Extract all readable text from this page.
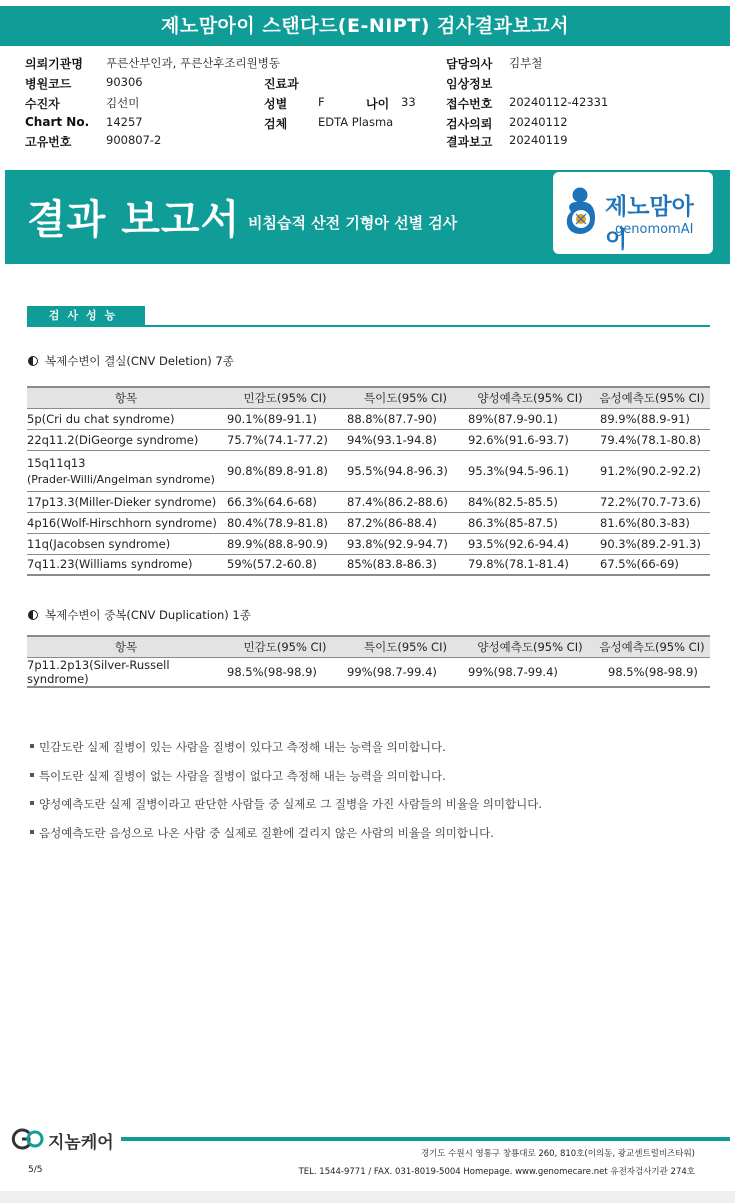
제노맘아이 스탠다드(E-NIPT) 검사결과보고서
의뢰기관명 푸른산부인과, 푸른산후조리원병동	담당의사 김부철
병원코드	90306	진료과	임상정보
수진자	김선미	성별	F	나이 33	접수번호 20240112-42331
Chart No. 14257	검체	EDTA Plasma	검사의뢰 20240112
고유번호	900807-2	결과보고 20240119
결과 보고서 비침습적 산전 기형아 선별 검사
제노맘아이
genomomAI
검사성능
복제수변이 결실(CNV Deletion) 7종
항목	민감도(95% CI)	특이도(95% CI)	양성예측도(95% CI)	음성예측도(95% CI)
5p(Cri du chat syndrome)	90.1%(89-91.1)	88.8%(87.7-90)	89%(87.9-90.1)	89.9%(88.9-91)
22q11.2(DiGeorge syndrome)	75.7%(74.1-77.2)	94%(93.1-94.8)	92.6%(91.6-93.7)	79.4%(78.1-80.8)

15q11q13
(Prader-Willi/Angelman syndrome)	90.8%(89.8-91.8)	95.5%(94.8-96.3)	95.3%(94.5-96.1)	91.2%(90.2-92.2)
17p13.3(Miller-Dieker syndrome)	66.3%(64.6-68)	87.4%(86.2-88.6)	84%(82.5-85.5)	72.2%(70.7-73.6)
4p16(Wolf-Hirschhorn syndrome)	80.4%(78.9-81.8)	87.2%(86-88.4)	86.3%(85-87.5)	81.6%(80.3-83)
11q(Jacobsen syndrome)	89.9%(88.8-90.9)	93.8%(92.9-94.7)	93.5%(92.6-94.4)	90.3%(89.2-91.3)
7q11.23(Williams syndrome)	59%(57.2-60.8)	85%(83.8-86.3)	79.8%(78.1-81.4)	67.5%(66-69)
복제수변이 중복(CNV Duplication) 1종
항목	민감도(95% CI)	특이도(95% CI)	양성예측도(95% CI)	음성예측도(95% CI)
7p11.2p13(Silver-Russell syndrome)	98.5%(98-98.9)	99%(98.7-99.4)	99%(98.7-99.4)	98.5%(98-98.9)
민감도란 실제 질병이 있는 사람을 질병이 있다고 측정해 내는 능력을 의미합니다.
특이도란 실제 질병이 없는 사람을 질병이 없다고 측정해 내는 능력을 의미합니다.
양성예측도란 실제 질병이라고 판단한 사람들 중 실제로 그 질병을 가진 사람들의 비율을 의미합니다.
음성예측도란 음성으로 나온 사람 중 실제로 질환에 걸리지 않은 사람의 비율을 의미합니다.
지놈케어
경기도 수원시 영통구 창룡대로 260, 810호(이의동, 광교센트럴비즈타워)
TEL. 1544-9771 / FAX. 031-8019-5004 Homepage. www.genomecare.net 유전자검사기관 274호
5/5
